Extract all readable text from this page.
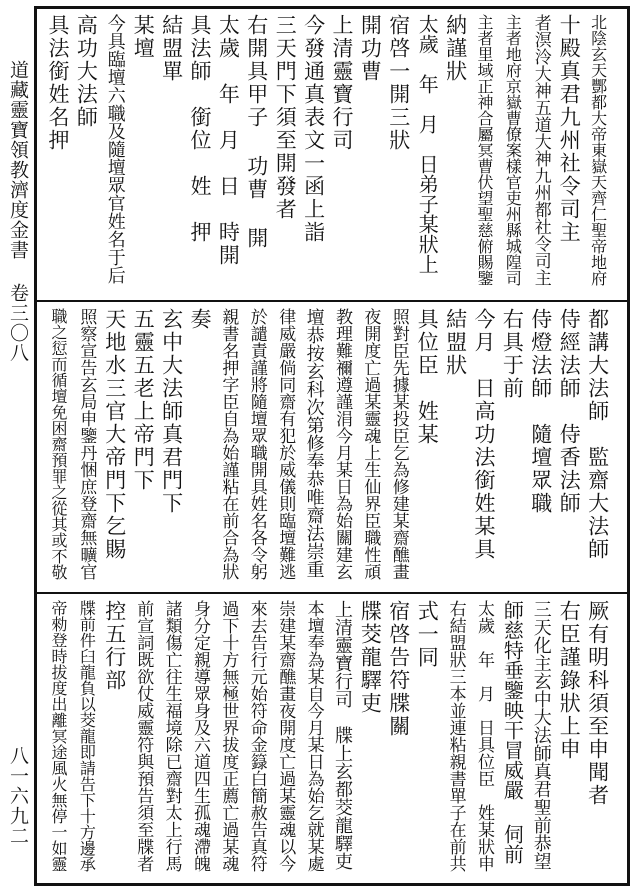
道藏靈寶領教濟度金書 卷三〇八
八一六九二
北陰玄天酆都大帝東嶽天齊仁聖帝地府
十殿真君九州社令司主
者溟泠大神五道大神九州都社令司主
主者地府京嶽曹僚案樣官吏州縣城隍司
主者里域正神合屬冥曹伏望聖慈俯賜鑒
納謹狀
太歲　年　月　日弟子某狀上
宿啓一開三狀
開功曹
上清靈寶行司
今發通真表文一函上詣
三天門下須至開發者
右開具甲子 功曹 開
太歲　年　月　日　時開
具法師　銜位　姓　押
結盟單
某壇
今具臨壇六職及隨壇眾官姓名于后
高功大法師
具法銜姓名押
都講大法師　監齋大法師
侍經法師　侍香法師
侍燈法師　隨壇眾職
右具于前
今月　日高功法銜姓某具
結盟狀
具位臣　姓某
照對臣先據某投臣乞為修建某齋醮畫
夜開度亡過某靈魂上生仙界臣職性頑
教理難禰遵謹涓今月某日為始關建玄
壇恭按玄科次第修奉恭唯齋法崇重
律威嚴倘同齋有犯於威儀則臨壇難逃
於譴責謹將隨壇眾職開具姓名各令躬
親書名押字臣自為始謹粘在前合為狀
奏
玄中大法師真君門下
五靈五老上帝門下
天地水三官大帝門下乞賜
照察宣告玄局申鑒丹悃庶登齋無曠官
職之愆而循壇免困齋預罪之從其或不敬
厥有明科須至申聞者
右臣謹錄狀上申
三天化主玄中大法師真君聖前恭望
師慈特垂鑒映干冒威嚴 伺前
太歲　年　月　日具位臣　姓某狀申
右結盟狀三本並連粘親書單子在前共
式一同
宿啓告符牒關
牒茭龍驛吏
上清靈寶行司　牒上玄都茭龍驛吏
本壇奉為某自今月某日為始乞就某處
崇建某齋醮畫夜開度亡過某靈魂以今
來去告行元始符命金籙白簡赦告真符
過下十方無極世界拔度正薦亡過某魂
身分定親導眾身及六道四生孤魂滯魄
諸類傷亡往生福境除已齋對太上行馬
前宣詞既欲仗威靈符與預告須至牒者
控五行部
牒前件臼龍負以茭龍即請告下十方邊承
帝勑登時拔度出離冥途風火無停一如靈
